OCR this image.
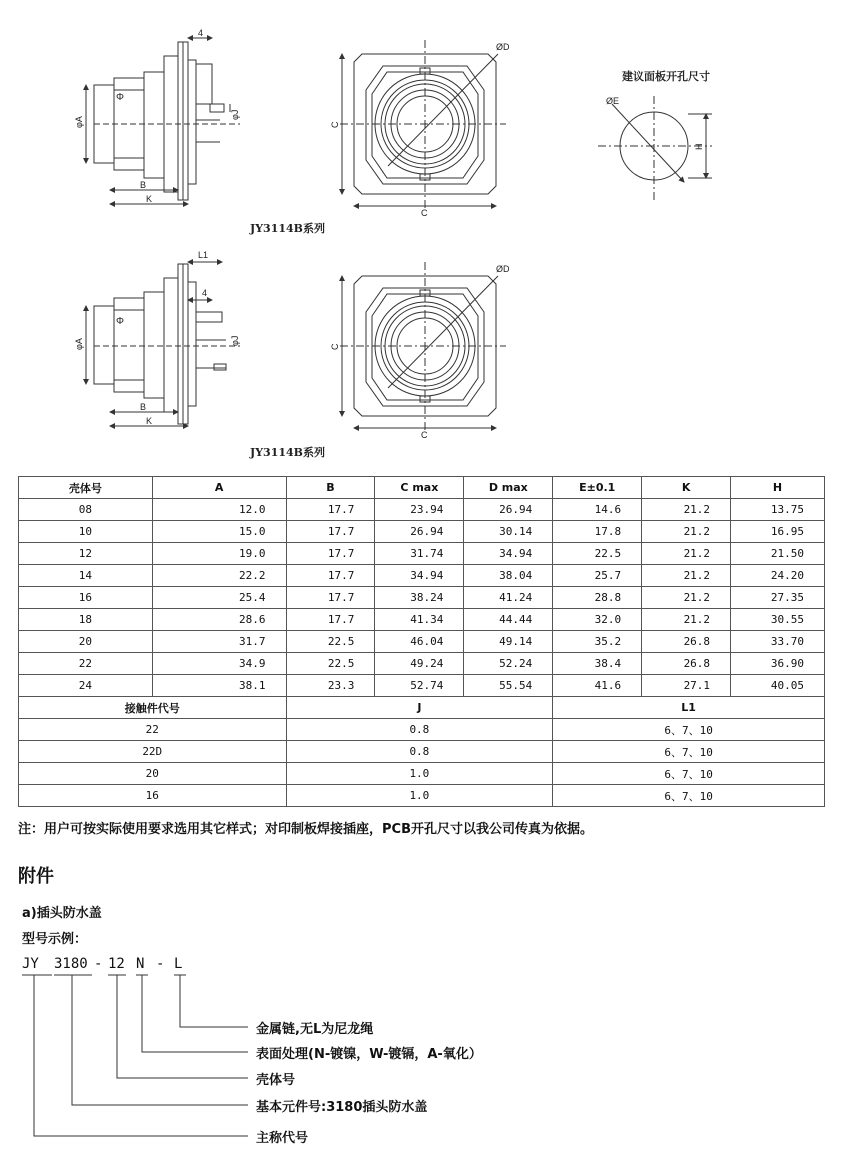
4
φA
φJ
Φ
B
K
ØD
C
C
建议面板开孔尺寸
ØE
H
JY3114B系列
L1
4
φA	φJ
Φ
B
K
ØD
C
C
JY3114B系列
壳体号	A	B	C max	D max	E±0.1	K	H
08	12.0	17.7	23.94	26.94	14.6	21.2	13.75
10	15.0	17.7	26.94	30.14	17.8	21.2	16.95
12	19.0	17.7	31.74	34.94	22.5	21.2	21.50
14	22.2	17.7	34.94	38.04	25.7	21.2	24.20
16	25.4	17.7	38.24	41.24	28.8	21.2	27.35
18	28.6	17.7	41.34	44.44	32.0	21.2	30.55
20	31.7	22.5	46.04	49.14	35.2	26.8	33.70
22	34.9	22.5	49.24	52.24	38.4	26.8	36.90
24	38.1	23.3	52.74	55.54	41.6	27.1	40.05
接触件代号		J			L1		
22		0.8			6、7、10		
22D		0.8			6、7、10		
20		1.0			6、7、10		
16		1.0			6、7、10		
注：用户可按实际使用要求选用其它样式；对印制板焊接插座，PCB开孔尺寸以我公司传真为依据。
附件
a)插头防水盖
型号示例：
JY 3180 - 12 N - L
金属链,无L为尼龙绳
表面处理(N-镀镍，W-镀镉，A-氧化）
壳体号
基本元件号:3180插头防水盖
主称代号
